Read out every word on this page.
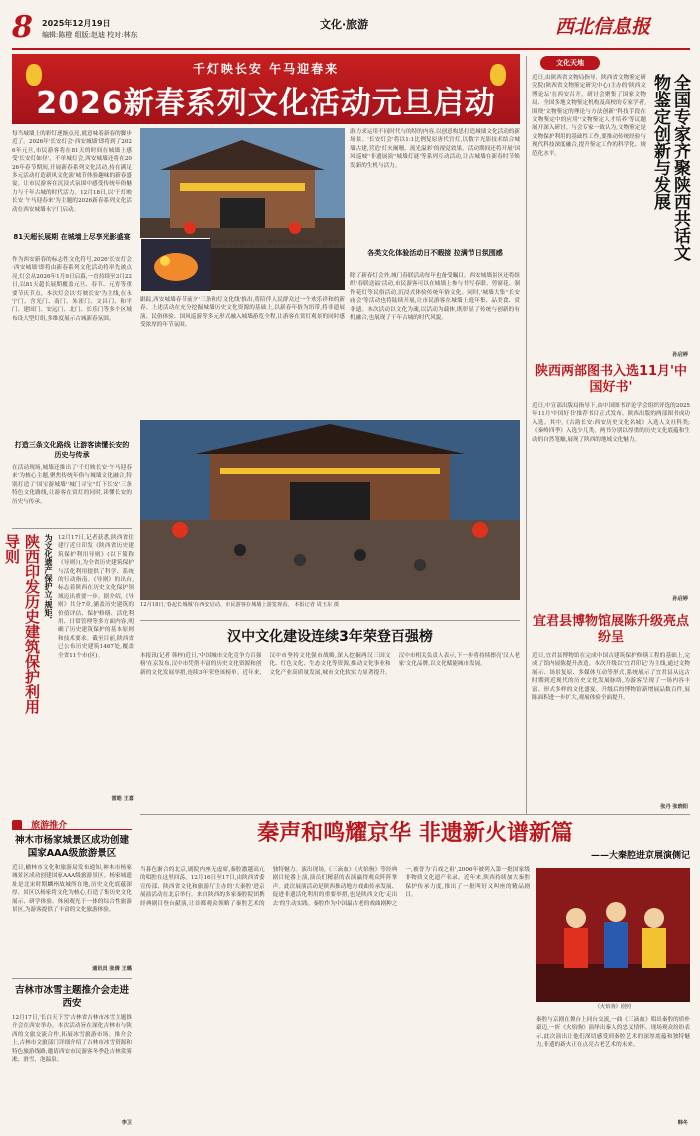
8 2025年12月19日
编辑:陈橙 组版:赵迪 校对:林东
文化·旅游	西北信息报
千灯映长安 午马迎春来
2026新春系列文化活动元旦启动
每当城墙上的彩灯逐渐点亮,就意味着新春的脚步近了。2026年'长安灯会·西安城墙'即将到了2026年元旦,市民游客将在81天的时间在城墙上感受'长安灯如昼'。不单城灯会,西安城墙还将在2026年春节期间,开展新春系列文化活动,持在满足多元活动打造新风文化演'城节体验趣味的新春盛宴。让市民游客在沉浸式氛围中感受传统年俗魅力与千年古城的时代活力。12月18日,以'千灯映长安 午马迎春来'为主题的2026新春系列文化活动在西安城墙永宁门启动。
81天超长展期 在城墙上尽享光影盛宴
作为西安新春的标志性文化符号,2026'长安灯会·西安城墙'即将由新春系列文化活动将率先被点亮,灯会从2026年1月9日启幕,一直持续至3月22日,以81天超长展期覆盖元旦、春节、元宵等重要节庆节点。本次灯会以'灯映长安'为主线,在永宁门、含光门、南门、朱雀门、文昌门、和平门、建国门、安远门、北门、长乐门等多个区域布设大型灯组,多维度展示古城新春氛围。
打造三条文化路线 让游客读懂长安的历史与传承
在活动现场,城墙还推出了'千灯映长安·午马迎春来'为核心主题,聚焦传统年俗与城墙文化融合,特别打造了'国宝游城墙''城门寻宝''灯下长安'三条特色文化路线,让游客在赏灯的同时,读懂长安的历史与传承。
市民在'千灯映长安·午马迎春来'活动现场观灯。 李明 摄
跟踪,西安城墙春节前夕'三条和灯文化线'推出,将陪伴人民群众过一个欢乐祥和的新春。上述活动在充分挖掘城墙历史文化资源的基础上,以新春年俗为纽带,将非遗展演、民俗体验、国风巡游等多元形式融入城墙游览全程,让游客在赏灯观景的同时感受浓厚的年节氛围。
游力求运用不同时代与的特的内容,以创意构思打造城墙文化活动的新场景。'长安灯会'将以1:1比例复原唐代宫灯,以数字光影技术结合城墙古建,营造'灯火阑珊、流光溢彩'的视觉效果。活动期间还将开展'国风巡城''非遗展演''城墙灯谜'等系列互动活动,让古城墙在新春时节焕发新的生机与活力。
各类文化体验活动日不暇接 拉满节日氛围感
除了新春灯会外,城门春联活动每年也备受瞩目。西安城墙景区还将组织'春联送福'活动,市民游客可以在城墙上参与书写春联、剪窗花、制作花灯等民俗活动,沉浸式体验传统年俗文化。同时,'城墙大集''长安庙会'等活动也将陆续开展,让市民游客在城墙上逛年集、品美食、赏非遗。本次活动以文化为魂,以活动为载体,既彰显了传统与创新的有机融合,也展现了千年古城的时代风貌。
12月18日,'春起长城城'在西安启动。市民游客在城墙上游览观看。 本报记者 周玉东 摄
文化天地
全国专家齐聚陕西共话文物鉴定创新与发展
近日,由陕西省文物局指导、陕西省文物鉴定研究院(陕西省文物鉴定研究中心)主办的'陕西文博论坛'在西安召开。研讨会聚集了国家文物局、全国多地文物鉴定机构及高校的专家学者,围绕'文物鉴定的理论与方法创新''科技手段在文物鉴定中的应用''文物鉴定人才培养'等议题展开深入研讨。与会专家一致认为,文物鉴定是文物保护利用的基础性工作,要推动传统经验与现代科技深度融合,提升鉴定工作的科学化、规范化水平。
孙启婷
陕西两部图书入选11月'中国好书'
近日,中宣部出版局指导下,由中国图书评论学会组织评选的2025年11月'中国好书'推荐书目正式发布。陕西出版的两部图书成功入选。其中,《古韵长安:西安历史文化名城》入选人文社科类;《秦岭四季》入选少儿类。两书分别以厚重的历史文化底蕴和生动的自然笔触,展现了陕西的地域文化魅力。
孙启婷
宜君县博物馆展陈升级亮点纷呈
近日,宜君县博物馆在完成中国古建筑保护修缮工程的基础上,完成了馆内展陈提升改造。本次升级以'宜君印记'为主线,通过文物展示、场景复原、多媒体互动等形式,系统展示了宜君县从远古时期到近现代的历史文化发展脉络,为游客呈现了一场内容丰富、形式多样的文化盛宴。升级后的博物馆新增展品数百件,展陈面积进一步扩大,观展体验全面提升。
张丹 张晓阳
陕西印发历史建筑保护利用导则	为文化遗产保护立'规矩' 12月17日,记者获悉,陕西省住建厅近日印发《陕西省历史建筑保护利用导则》(以下简称《导则》),为全省历史建筑保护与活化利用提供了科学、系统的行动指南。《导则》的出台,标志着陕西在历史文化保护领域迈出重要一步。据介绍,《导则》共分7章,涵盖历史建筑的价值评估、保护修缮、活化利用、日常管理等多方面内容,明确了历史建筑保护的基本原则和技术要求。截至目前,陕西省已公布历史建筑1467处,覆盖全省11个市(区)。
雷皓 王喜
汉中文化建设连续3年荣登百强榜
本报讯(记者 韩梓)近日,'中国城市文化竞争力百强榜'在京发布,汉中市凭借丰富的历史文化资源和创新的文化发展举措,连续3年荣登该榜单。近年来,汉中市坚持文化强市战略,深入挖掘两汉三国文化、红色文化、生态文化等资源,推动文化事业和文化产业高质量发展,城市文化软实力显著提升。汉中市相关负责人表示,下一步将持续擦亮'汉人老家'文化品牌,以文化赋能城市发展。
旅游推介
神木市杨家城景区成功创建国家AAA级旅游景区
近日,榆林市文化和旅游局发布通知,神木市杨家城景区成功创建国家AAA级旅游景区。杨家城遗址是北宋时期麟州故城所在地,历史文化底蕴深厚。景区以杨家将文化为核心,打造了集历史文化展示、研学体验、休闲观光于一体的综合性旅游景区,为游客提供了丰富的文化旅游体验。
通讯员 张倩 王璐
吉林市冰雪主题推介会走进西安
12月17日,'长白天下雪'吉林省吉林市冰雪主题推介会在西安举办。本次活动旨在深化吉林市与陕西的文旅交流合作,拓展冰雪旅游市场。推介会上,吉林市文旅部门详细介绍了吉林市冰雪资源和特色旅游线路,邀请西安市民游客冬季赴吉林赏雾凇、滑雪、泡温泉。
李卫
秦声和鸣耀京华 非遗新火谱新篇
——大秦腔进京展演侧记
当暮色渐合的北京,剧院内座无虚席,秦腔激越高亢的唱腔在这里回荡。12月16日至17日,由陕西省委宣传部、陕西省文化和旅游厅主办的'大秦腔'进京展演活动在北京举行。来自陕西的多家秦腔院团携经典剧目登台献演,让首都观众领略了秦腔艺术的独特魅力。演出现场,《三滴血》《火焰驹》等经典剧目轮番上演,演员们精湛的表演赢得观众阵阵掌声。此次展演活动是陕西推动地方戏曲传承发展、促进非遗活化利用的重要举措,也是陕西文化'走出去'的生动实践。秦腔作为中国最古老的戏曲剧种之一,被誉为'百戏之祖',2006年被列入第一批国家级非物质文化遗产名录。近年来,陕西持续加大秦腔保护传承力度,推出了一批叫好又叫座的精品剧目。
《火焰驹》剧照
秦腔与京剧在舞台上同台交流,一曲《三滴血》唱出秦腔的质朴豪迈,一折《火焰驹》演绎出秦人的忠义情怀。现场观众纷纷表示,此次演出让他们深切感受到秦腔艺术的深厚底蕴和独特魅力,非遗的新火正在点亮古老艺术的未来。
韩冬
